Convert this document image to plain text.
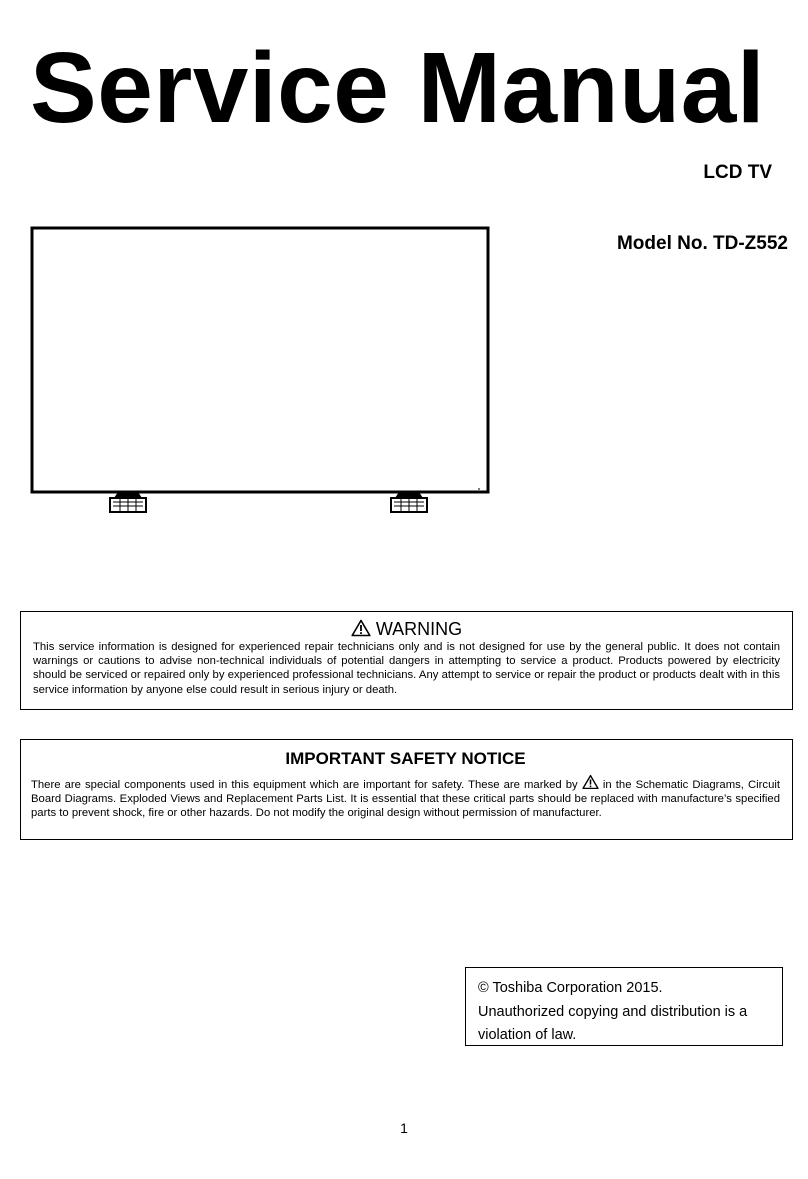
Service Manual
LCD TV
Model No. TD-Z552
WARNING
This service information is designed for experienced repair technicians only and is not designed for use by the general public. It does not contain warnings or cautions to advise non-technical individuals of potential dangers in attempting to service a product. Products powered by electricity should be serviced or repaired only by experienced professional technicians. Any attempt to service or repair the product or products dealt with in this service information by anyone else could result in serious injury or death.
IMPORTANT SAFETY NOTICE
There are special components used in this equipment which are important for safety. These are marked by  in the Schematic Diagrams, Circuit Board Diagrams. Exploded Views and Replacement Parts List. It is essential that these critical parts should be replaced with manufacture’s specified parts to prevent shock, fire or other hazards. Do not modify the original design without permission of manufacturer.
© Toshiba Corporation 2015.
Unauthorized copying and distribution is a violation of law.
1
